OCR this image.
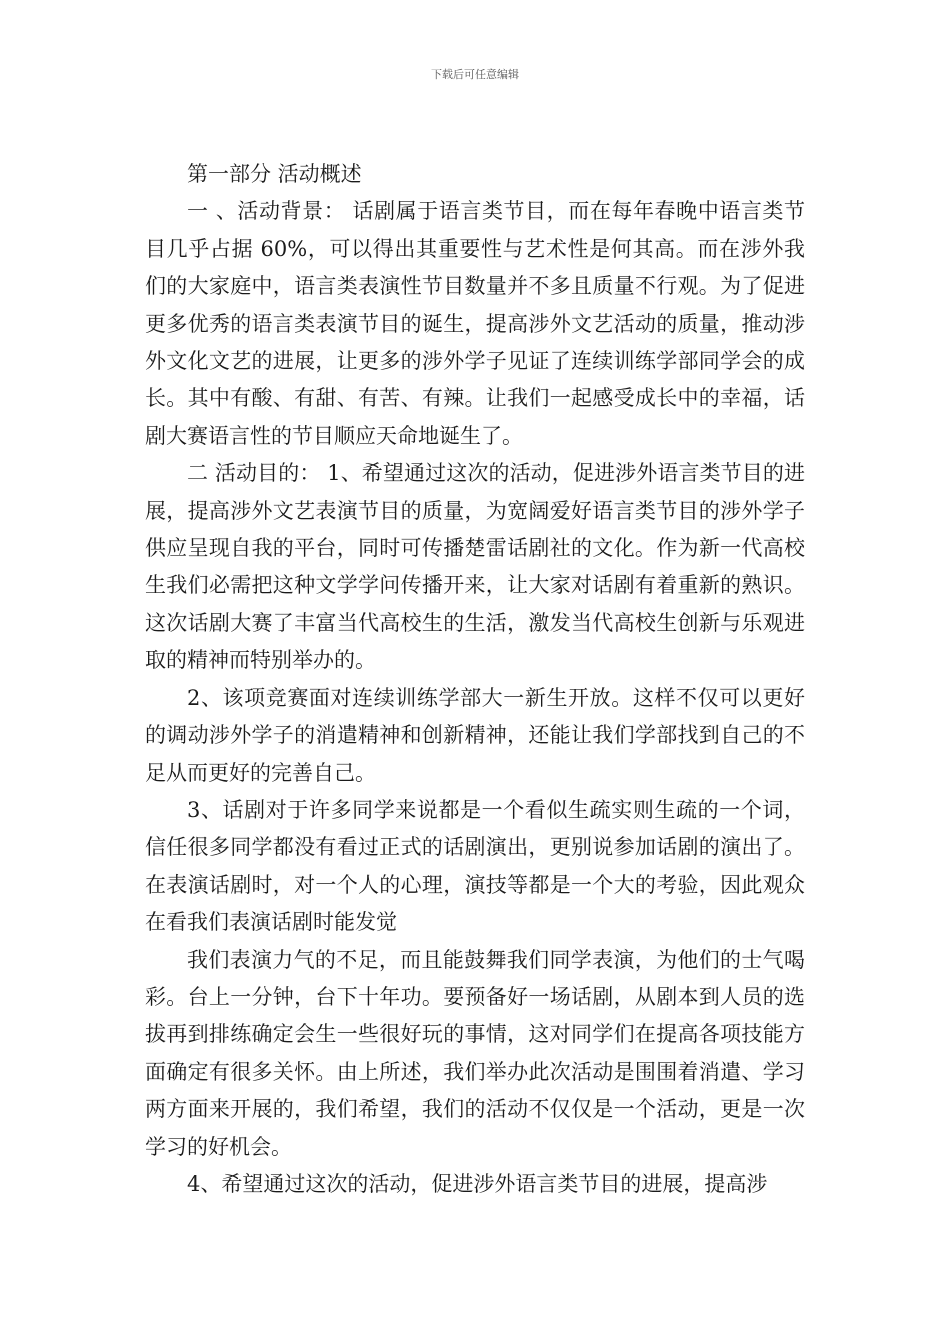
下载后可任意编辑

第一部分 活动概述

一 、活动背景： 话剧属于语言类节目，而在每年春晚中语言类节目几乎占据 60%，可以得出其重要性与艺术性是何其高。而在涉外我们的大家庭中，语言类表演性节目数量并不多且质量不行观。为了促进更多优秀的语言类表演节目的诞生，提高涉外文艺活动的质量，推动涉外文化文艺的进展，让更多的涉外学子见证了连续训练学部同学会的成长。其中有酸、有甜、有苦、有辣。让我们一起感受成长中的幸福，话剧大赛语言性的节目顺应天命地诞生了。

二 活动目的： 1、希望通过这次的活动，促进涉外语言类节目的进展，提高涉外文艺表演节目的质量，为宽阔爱好语言类节目的涉外学子供应呈现自我的平台，同时可传播楚雷话剧社的文化。作为新一代高校生我们必需把这种文学学问传播开来，让大家对话剧有着重新的熟识。这次话剧大赛了丰富当代高校生的生活，激发当代高校生创新与乐观进取的精神而特别举办的。

2、该项竞赛面对连续训练学部大一新生开放。这样不仅可以更好的调动涉外学子的消遣精神和创新精神，还能让我们学部找到自己的不足从而更好的完善自己。

3、话剧对于许多同学来说都是一个看似生疏实则生疏的一个词，信任很多同学都没有看过正式的话剧演出，更别说参加话剧的演出了。在表演话剧时，对一个人的心理，演技等都是一个大的考验，因此观众在看我们表演话剧时能发觉

我们表演力气的不足，而且能鼓舞我们同学表演，为他们的士气喝彩。台上一分钟，台下十年功。要预备好一场话剧，从剧本到人员的选拔再到排练确定会生一些很好玩的事情，这对同学们在提高各项技能方面确定有很多关怀。由上所述，我们举办此次活动是围围着消遣、学习两方面来开展的，我们希望，我们的活动不仅仅是一个活动，更是一次学习的好机会。

4、希望通过这次的活动，促进涉外语言类节目的进展，提高涉
